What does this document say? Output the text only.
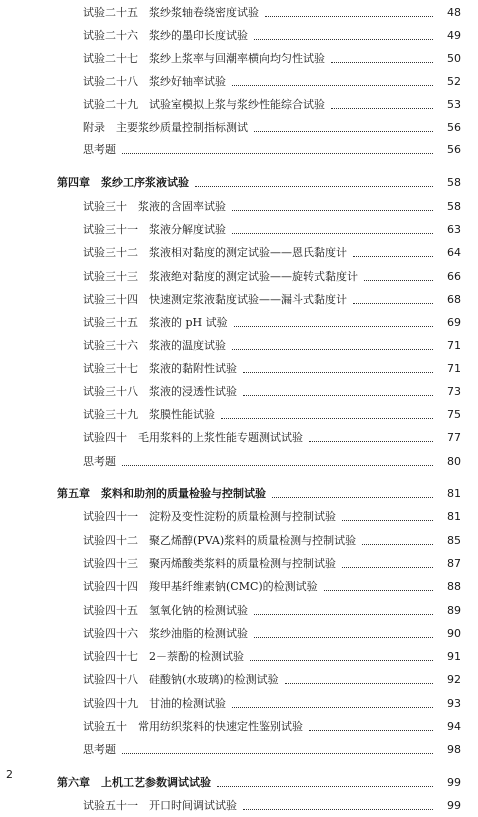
试验二十五　浆纱浆轴卷绕密度试验	48
试验二十六　浆纱的墨印长度试验	49
试验二十七　浆纱上浆率与回潮率横向均匀性试验	50
试验二十八　浆纱好轴率试验	52
试验二十九　试验室模拟上浆与浆纱性能综合试验	53
附录　主要浆纱质量控制指标测试	56
思考题	56
第四章　浆纱工序浆液试验	58
试验三十　浆液的含固率试验	58
试验三十一　浆液分解度试验	63
试验三十二　浆液相对黏度的测定试验——恩氏黏度计	64
试验三十三　浆液绝对黏度的测定试验——旋转式黏度计	66
试验三十四　快速测定浆液黏度试验——漏斗式黏度计	68
试验三十五　浆液的 pH 试验	69
试验三十六　浆液的温度试验	71
试验三十七　浆液的黏附性试验	71
试验三十八　浆液的浸透性试验	73
试验三十九　浆膜性能试验	75
试验四十　毛用浆料的上浆性能专题测试试验	77
思考题	80
第五章　浆料和助剂的质量检验与控制试验	81
试验四十一　淀粉及变性淀粉的质量检测与控制试验	81
试验四十二　聚乙烯醇(PVA)浆料的质量检测与控制试验	85
试验四十三　聚丙烯酸类浆料的质量检测与控制试验	87
试验四十四　羧甲基纤维素钠(CMC)的检测试验	88
试验四十五　氢氧化钠的检测试验	89
试验四十六　浆纱油脂的检测试验	90
试验四十七　2－萘酚的检测试验	91
试验四十八　硅酸钠(水玻璃)的检测试验	92
试验四十九　甘油的检测试验	93
试验五十　常用纺织浆料的快速定性鉴别试验	94
思考题	98
第六章　上机工艺参数调试试验	99
试验五十一　开口时间调试试验	99
2
